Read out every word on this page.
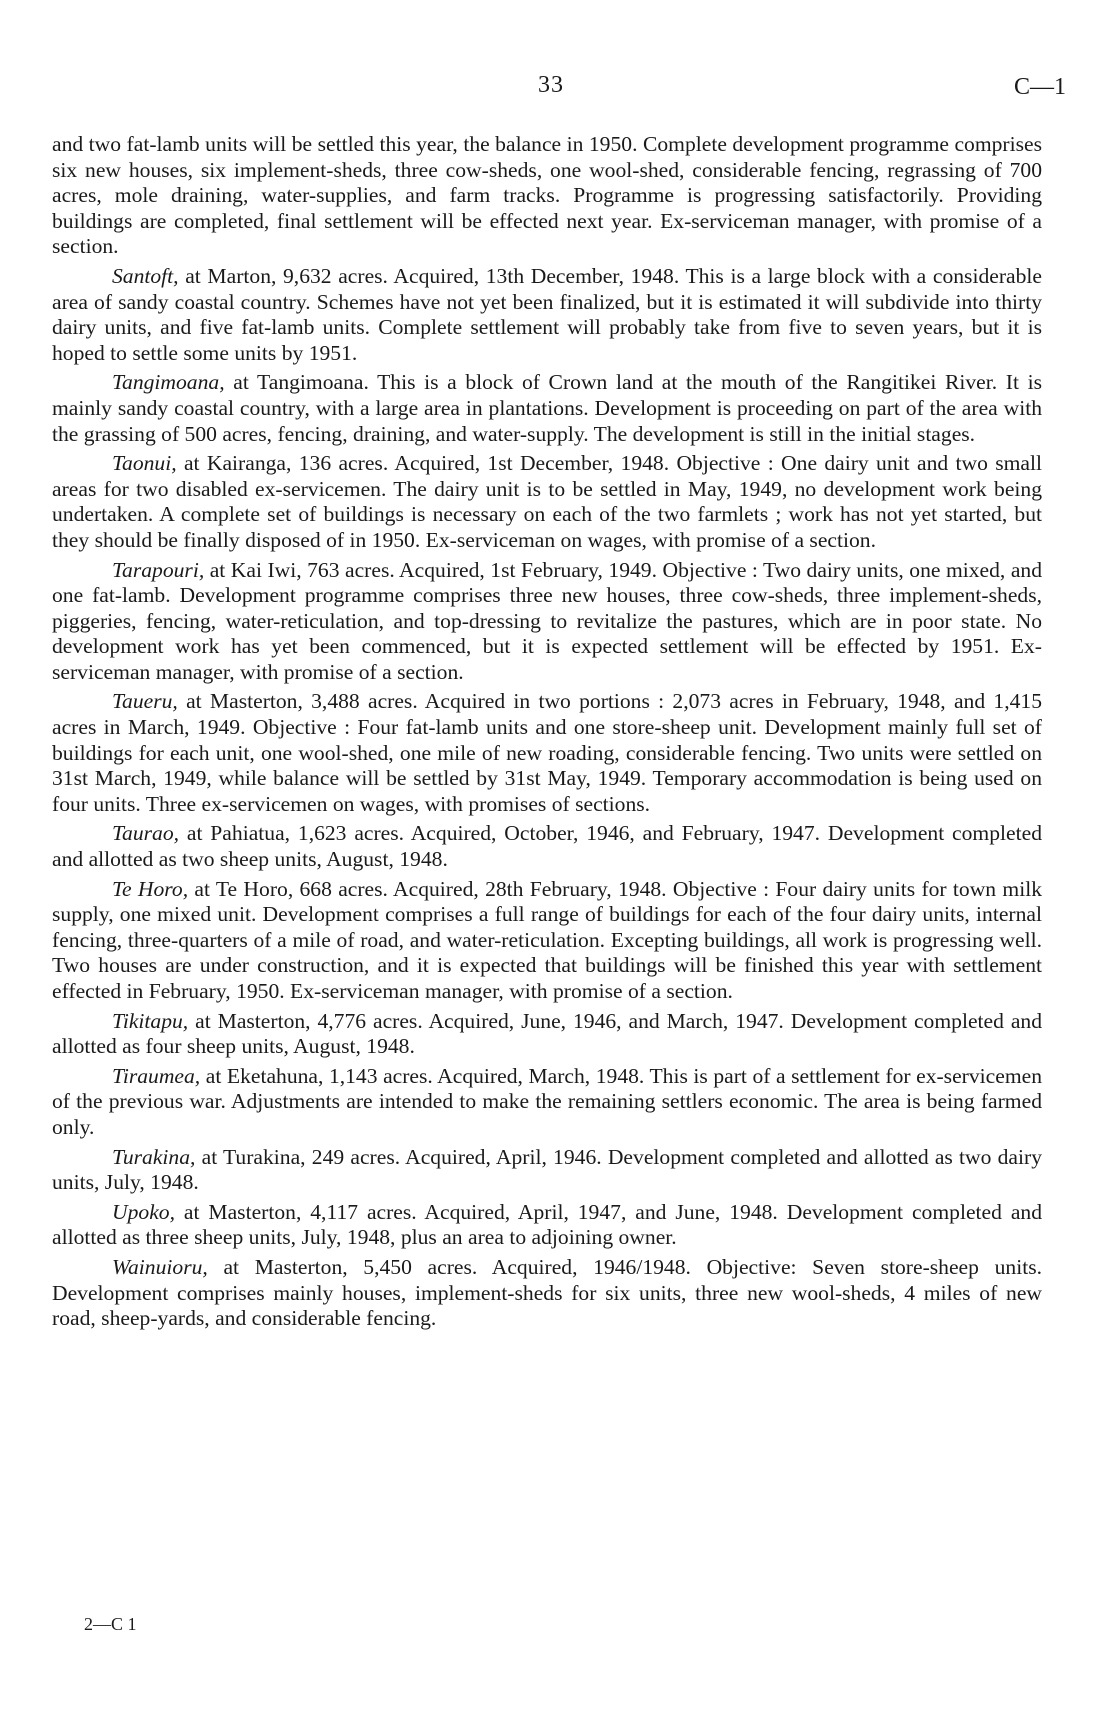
33	C—1

and two fat-lamb units will be settled this year, the balance in 1950. Complete development programme comprises six new houses, six implement-sheds, three cow-sheds, one wool-shed, considerable fencing, regrassing of 700 acres, mole draining, water-supplies, and farm tracks. Programme is progressing satisfactorily. Providing buildings are completed, final settlement will be effected next year. Ex-serviceman manager, with promise of a section.

Santoft, at Marton, 9,632 acres. Acquired, 13th December, 1948. This is a large block with a considerable area of sandy coastal country. Schemes have not yet been finalized, but it is estimated it will subdivide into thirty dairy units, and five fat-lamb units. Complete settlement will probably take from five to seven years, but it is hoped to settle some units by 1951.

Tangimoana, at Tangimoana. This is a block of Crown land at the mouth of the Rangitikei River. It is mainly sandy coastal country, with a large area in plantations. Development is proceeding on part of the area with the grassing of 500 acres, fencing, draining, and water-supply. The development is still in the initial stages.

Taonui, at Kairanga, 136 acres. Acquired, 1st December, 1948. Objective : One dairy unit and two small areas for two disabled ex-servicemen. The dairy unit is to be settled in May, 1949, no development work being undertaken. A complete set of buildings is necessary on each of the two farmlets ; work has not yet started, but they should be finally disposed of in 1950. Ex-serviceman on wages, with promise of a section.

Tarapouri, at Kai Iwi, 763 acres. Acquired, 1st February, 1949. Objective : Two dairy units, one mixed, and one fat-lamb. Development programme comprises three new houses, three cow-sheds, three implement-sheds, piggeries, fencing, water-reticulation, and top-dressing to revitalize the pastures, which are in poor state. No development work has yet been commenced, but it is expected settlement will be effected by 1951. Ex-serviceman manager, with promise of a section.

Taueru, at Masterton, 3,488 acres. Acquired in two portions : 2,073 acres in February, 1948, and 1,415 acres in March, 1949. Objective : Four fat-lamb units and one store-sheep unit. Development mainly full set of buildings for each unit, one wool-shed, one mile of new roading, considerable fencing. Two units were settled on 31st March, 1949, while balance will be settled by 31st May, 1949. Temporary accommodation is being used on four units. Three ex-servicemen on wages, with promises of sections.

Taurao, at Pahiatua, 1,623 acres. Acquired, October, 1946, and February, 1947. Development completed and allotted as two sheep units, August, 1948.

Te Horo, at Te Horo, 668 acres. Acquired, 28th February, 1948. Objective : Four dairy units for town milk supply, one mixed unit. Development comprises a full range of buildings for each of the four dairy units, internal fencing, three-quarters of a mile of road, and water-reticulation. Excepting buildings, all work is progressing well. Two houses are under construction, and it is expected that buildings will be finished this year with settlement effected in February, 1950. Ex-serviceman manager, with promise of a section.

Tikitapu, at Masterton, 4,776 acres. Acquired, June, 1946, and March, 1947. Development completed and allotted as four sheep units, August, 1948.

Tiraumea, at Eketahuna, 1,143 acres. Acquired, March, 1948. This is part of a settlement for ex-servicemen of the previous war. Adjustments are intended to make the remaining settlers economic. The area is being farmed only.

Turakina, at Turakina, 249 acres. Acquired, April, 1946. Development completed and allotted as two dairy units, July, 1948.

Upoko, at Masterton, 4,117 acres. Acquired, April, 1947, and June, 1948. Development completed and allotted as three sheep units, July, 1948, plus an area to adjoining owner.

Wainuioru, at Masterton, 5,450 acres. Acquired, 1946/1948. Objective: Seven store-sheep units. Development comprises mainly houses, implement-sheds for six units, three new wool-sheds, 4 miles of new road, sheep-yards, and considerable fencing.

2—C 1
